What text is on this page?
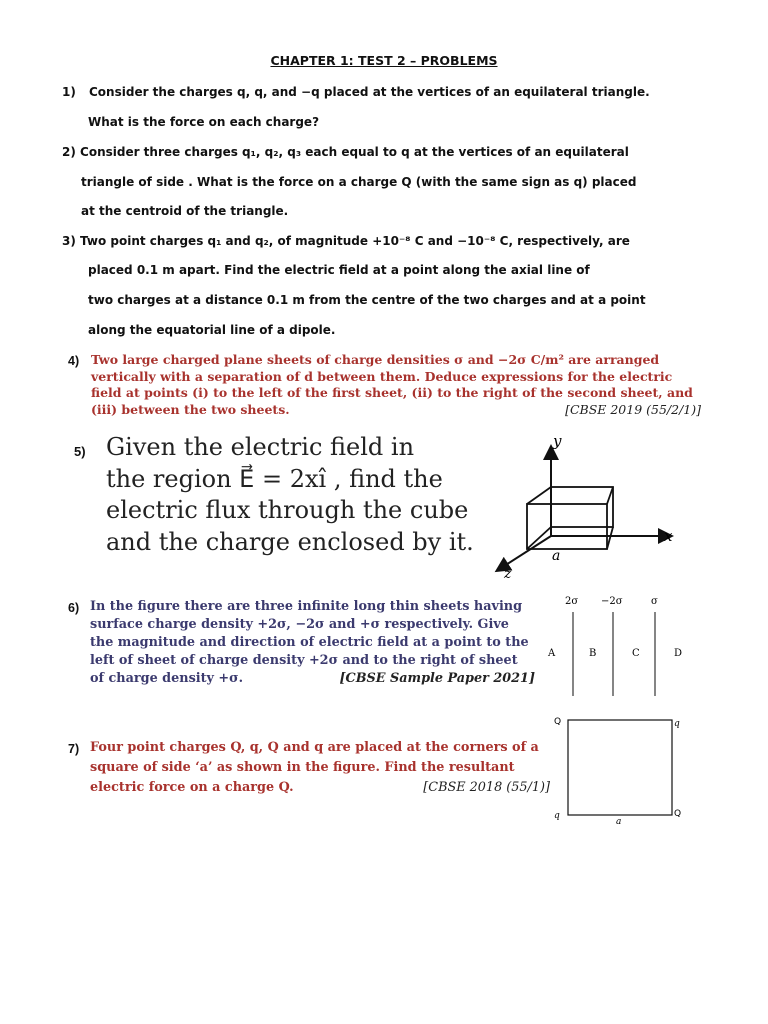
CHAPTER 1: TEST 2 – PROBLEMS
1) Consider the charges q, q, and −q placed at the vertices of an equilateral triangle.
What is the force on each charge?
2) Consider three charges q₁, q₂, q₃ each equal to q at the vertices of an equilateral
triangle of side . What is the force on a charge Q (with the same sign as q) placed
at the centroid of the triangle.
3) Two point charges q₁ and q₂, of magnitude +10⁻⁸ C and −10⁻⁸ C, respectively, are
placed 0.1 m apart. Find the electric field at a point along the axial line of
two charges at a distance 0.1 m from the centre of the two charges and at a point
along the equatorial line of a dipole.
4) Two large charged plane sheets of charge densities σ and −2σ C/m² are arranged vertically with a separation of d between them. Deduce expressions for the electric field at points (i) to the left of the first sheet, (ii) to the right of the second sheet, and (iii) between the two sheets.	[CBSE 2019 (55/2/1)]
5) Given the electric field in
the region E⃗ = 2xî , find the
electric flux through the cube
and the charge enclosed by it.
y
x
z
a
6) In the figure there are three infinite long thin sheets having surface charge density +2σ, −2σ and +σ respectively. Give the magnitude and direction of electric field at a point to the left of sheet of charge density +2σ and to the right of sheet of charge density +σ.	[CBSE Sample Paper 2021]
2σ −2σ	σ
A	B	C	D
7) Four point charges Q, q, Q and q are placed at the corners of a square of side ‘a’ as shown in the figure. Find the resultant electric force on a charge Q.	[CBSE 2018 (55/1)]
Q	q
q	Q
a
